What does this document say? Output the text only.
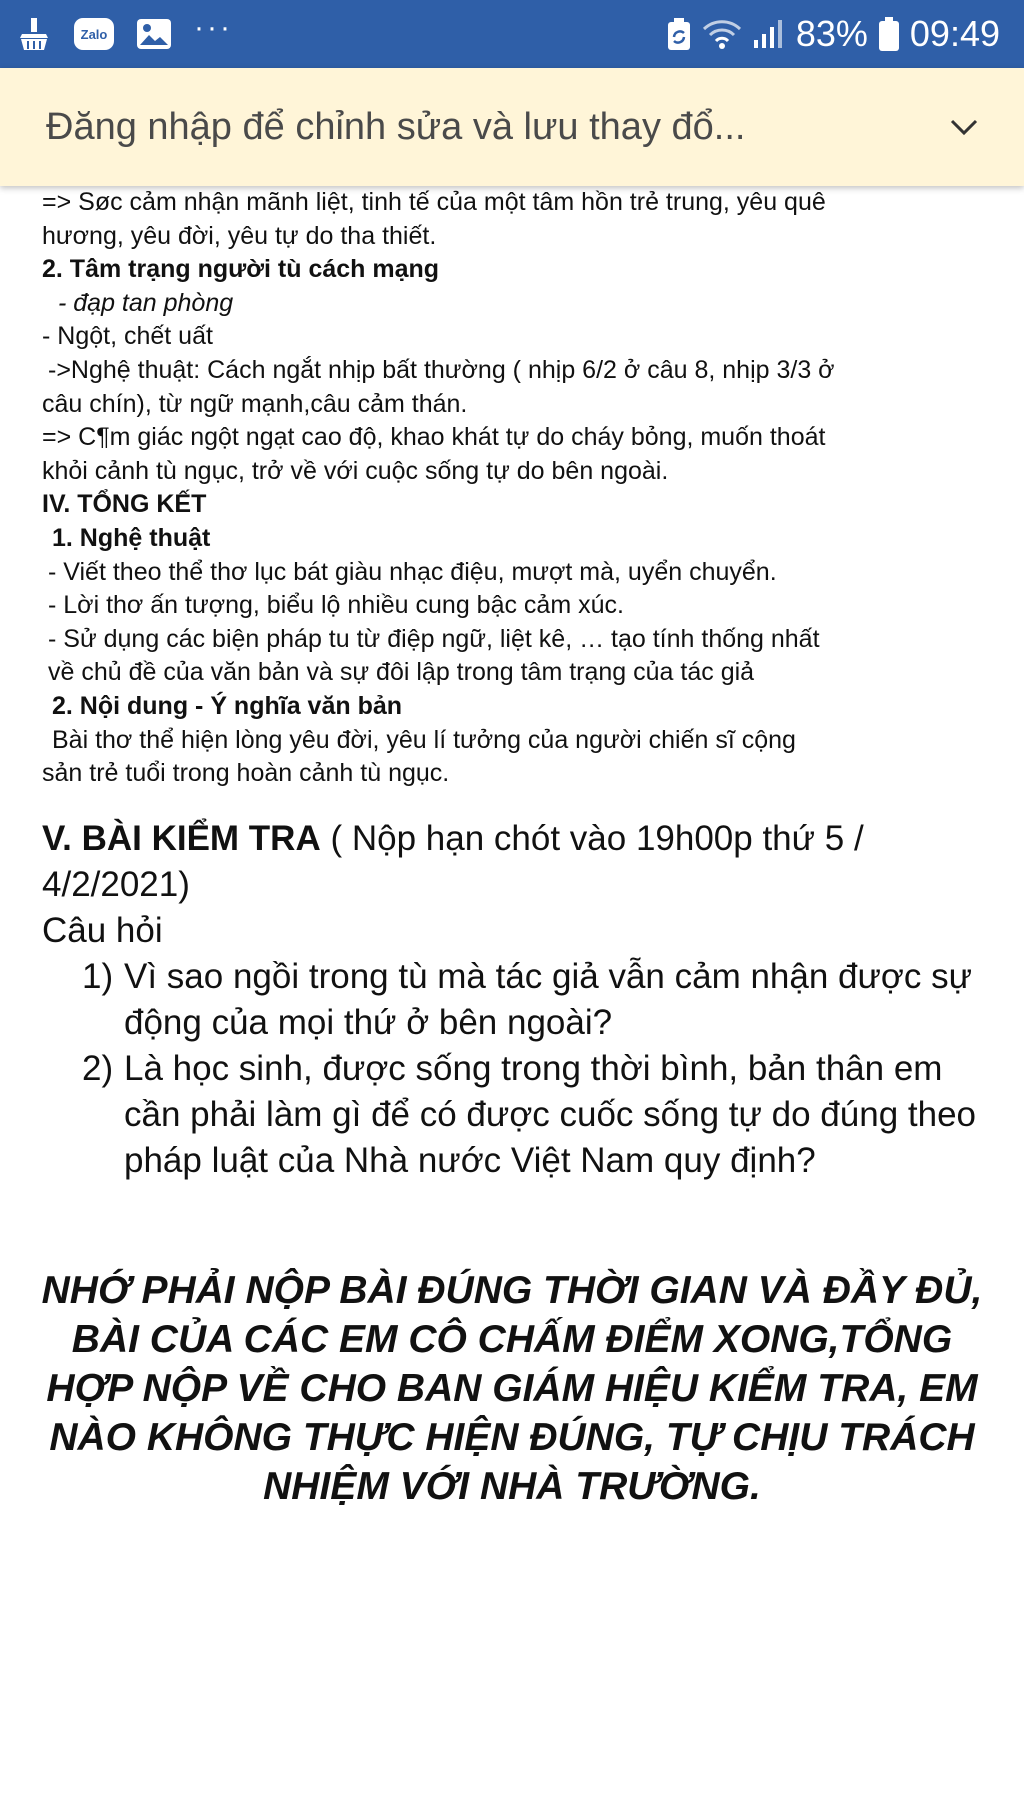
Zalo	···	83% 09:49
Đăng nhập để chỉnh sửa và lưu thay đổ...

=> Søc cảm nhận mãnh liệt, tinh tế của một tâm hồn trẻ trung, yêu quê

hương, yêu đời, yêu tự do tha thiết.

2. Tâm trạng người tù cách mạng

- đạp tan phòng

- Ngột, chết uất

->Nghệ thuật: Cách ngắt nhịp bất thường ( nhịp 6/2 ở câu 8, nhịp 3/3 ở

câu chín), từ ngữ mạnh,câu cảm thán.

=> C¶m giác ngột ngạt cao độ, khao khát tự do cháy bỏng, muốn thoát

khỏi cảnh tù ngục, trở về với cuộc sống tự do bên ngoài.

IV. TỔNG KẾT

1. Nghệ thuật

- Viết theo thể thơ lục bát giàu nhạc điệu, mượt mà, uyển chuyển.

- Lời thơ ấn tượng, biểu lộ nhiều cung bậc cảm xúc.

- Sử dụng các biện pháp tu từ điệp ngữ, liệt kê, … tạo tính thống nhất

về chủ đề của văn bản và sự đôi lập trong tâm trạng của tác giả

2. Nội dung - Ý nghĩa văn bản

Bài thơ thể hiện lòng yêu đời, yêu lí tưởng của người chiến sĩ cộng

sản trẻ tuổi trong hoàn cảnh tù ngục.

V. BÀI KIỂM TRA ( Nộp hạn chót vào 19h00p thứ 5 / 4/2/2021)

Câu hỏi

1) Vì sao ngồi trong tù mà tác giả vẫn cảm nhận được sự động của mọi thứ ở bên ngoài?
2) Là học sinh, được sống trong thời bình, bản thân em cần phải làm gì để có được cuốc sống tự do đúng theo pháp luật của Nhà nước Việt Nam quy định?

NHỚ PHẢI NỘP BÀI ĐÚNG THỜI GIAN VÀ ĐẦY ĐỦ, BÀI CỦA CÁC EM CÔ CHẤM ĐIỂM XONG,TỔNG HỢP NỘP VỀ CHO BAN GIÁM HIỆU KIỂM TRA, EM NÀO KHÔNG THỰC HIỆN ĐÚNG, TỰ CHỊU TRÁCH NHIỆM VỚI NHÀ TRƯỜNG.
